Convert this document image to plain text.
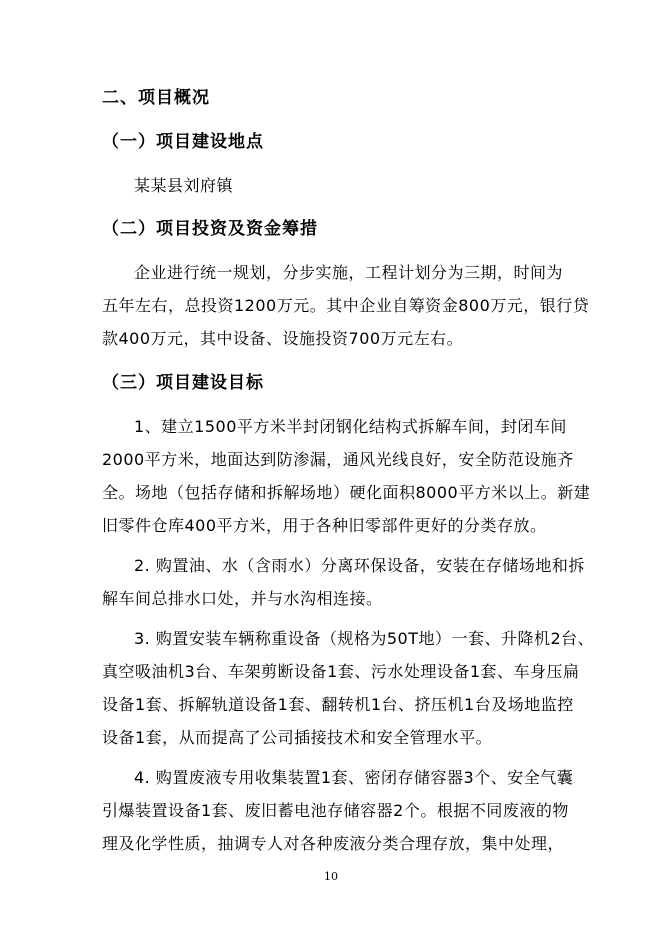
二、项目概况
（一）项目建设地点
某某县刘府镇
（二）项目投资及资金筹措
企业进行统一规划，分步实施，工程计划分为三期，时间为
五年左右，总投资1200万元。其中企业自筹资金800万元，银行贷
款400万元，其中设备、设施投资700万元左右。
（三）项目建设目标
1、建立1500平方米半封闭钢化结构式拆解车间，封闭车间
2000平方米，地面达到防渗漏，通风光线良好，安全防范设施齐
全。场地（包括存储和拆解场地）硬化面积8000平方米以上。新建
旧零件仓库400平方米，用于各种旧零部件更好的分类存放。
2. 购置油、水（含雨水）分离环保设备，安装在存储场地和拆
解车间总排水口处，并与水沟相连接。
3. 购置安装车辆称重设备（规格为50T地）一套、升降机2台、
真空吸油机3台、车架剪断设备1套、污水处理设备1套、车身压扁
设备1套、拆解轨道设备1套、翻转机1台、挤压机1台及场地监控
设备1套，从而提高了公司插接技术和安全管理水平。
4. 购置废液专用收集装置1套、密闭存储容器3个、安全气囊
引爆装置设备1套、废旧蓄电池存储容器2个。根据不同废液的物
理及化学性质，抽调专人对各种废液分类合理存放，集中处理，
10
